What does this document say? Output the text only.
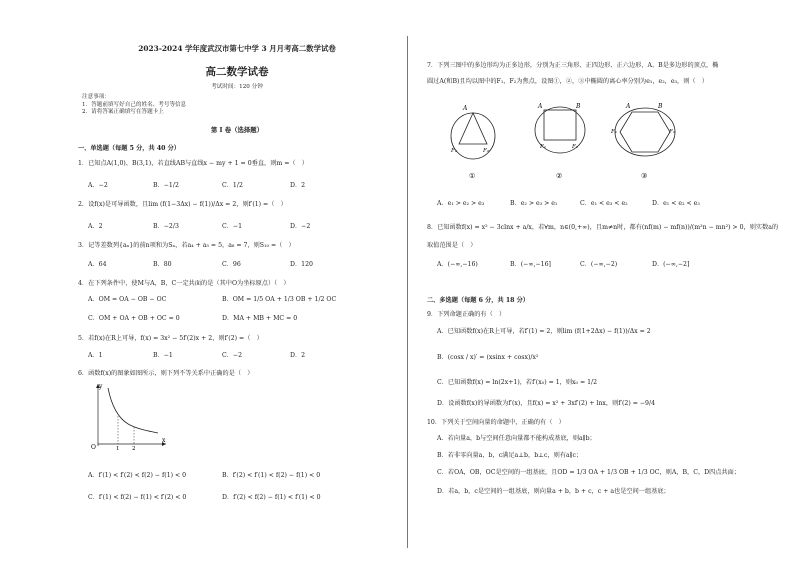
2023-2024 学年度武汉市第七中学 3 月月考高二数学试卷
高二数学试卷
考试时间：120 分钟
注意事项：
1．答题前填写好自己的姓名、考号等信息
2．请将答案正确填写在答题卡上
第 I 卷（选择题）
一、单选题（每题 5 分，共 40 分）
1．已知点A(1,0)，B(3,1)，若直线AB与直线x − my + 1 = 0垂直，则m =（　）
A．−2	B．−1/2	C．1/2	D．2
2．设f(x)是可导函数，且lim (f(1−3Δx) − f(1))/Δx = 2，则f′(1) =（　）
A．2	B．−2/3	C．−1	D．−2
3．记等差数列{aₙ}的前n项和为Sₙ，若a₄ + a₅ = 5，a₈ = 7，则S₁₀ =（　）
A．64	B．80	C．96	D．120
4．在下列条件中，使M与A，B，C一定共面的是（其中O为坐标原点）（　）
A．OM = OA − OB − OC	B．OM = 1/5 OA + 1/3 OB + 1/2 OC
C．OM + OA + OB + OC = 0	D．MA + MB + MC = 0
5．若f(x)在R上可导，f(x) = 3x² − 5f′(2)x + 2，则f′(2) =（　）
A．1	B．−1	C．−2	D．2
6．函数f(x)的图象如图所示，则下列不等关系中正确的是（　）
y
x
O	1 2
A．f′(1) < f′(2) < f(2) − f(1) < 0	B．f′(2) < f′(1) < f(2) − f(1) < 0
C．f′(1) < f(2) − f(1) < f′(2) < 0	D．f′(2) < f(2) − f(1) < f′(1) < 0
7．下列三图中的多边形均为正多边形，分别为正三角形、正四边形、正六边形，A、B是多边形的顶点，椭
圆过A(和B)且均以图中的F₁，F₂为焦点，设图①，②，③中椭圆的离心率分别为e₁，e₂，e₃，则（　）
A
F₁	F₂
①
A	B
F₁	F₂
②
A	B
F₁	F₂
③
A．e₁ > e₂ > e₃	B．e₂ > e₃ > e₁	C．e₁ < e₃ < e₂	D．e₁ < e₂ < e₃
8．已知函数f(x) = x² − 3clnx + a/x，若∀m，n∈(0,+∞)，且m≠n时，都有(nf(m) − mf(n))/(m²n − mn²) > 0，则实数a的
取值范围是（　）
A．(−∞,−16)	B．(−∞,−16]	C．(−∞,−2)	D．(−∞,−2]
二、多选题（每题 6 分，共 18 分）
9．下列命题正确的有（　）
A．已知函数f(x)在R上可导，若f′(1) = 2，则lim (f(1+2Δx) − f(1))/Δx = 2
B．(cosx / x)′ = (xsinx + cosx)/x²
C．已知函数f(x) = ln(2x+1)，若f′(x₀) = 1，则x₀ = 1/2
D．设函数f(x)的导函数为f′(x)，且f(x) = x² + 3xf′(2) + lnx，则f′(2) = −9/4
10．下列关于空间向量的命题中，正确的有（　）
A．若向量a，b与空间任意向量都不能构成基底，则a∥b；
B．若非零向量a，b，c满足a⊥b，b⊥c，则有a∥c；
C．若OA，OB，OC是空间的一组基底，且OD = 1/3 OA + 1/3 OB + 1/3 OC，则A，B，C，D四点共面；
D．若a，b，c是空间的一组基底，则向量a + b，b + c，c + a也是空间一组基底；
